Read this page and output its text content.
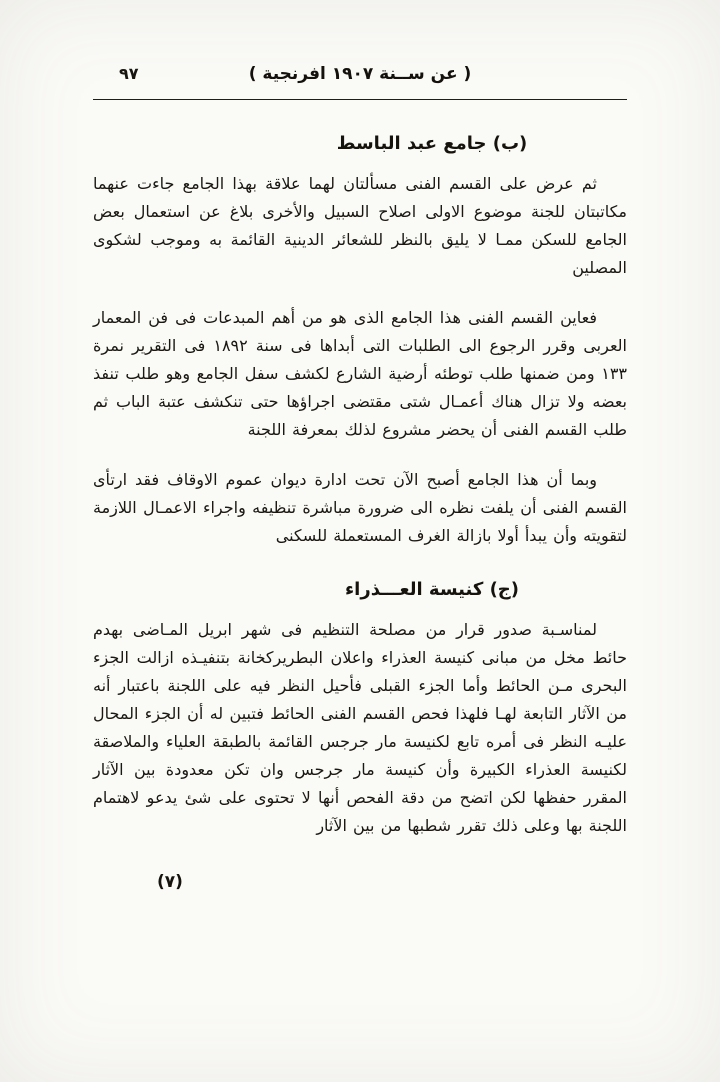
٩٧	( عن ســنة ١٩٠٧ افرنجية )
(ب) جامع عبد الباسط

ثم عرض على القسم الفنى مسألتان لهما علاقة بهذا الجامع جاءت عنهما مكاتبتان للجنة موضوع الاولى اصلاح السبيل والأخرى بلاغ عن استعمال بعض الجامع للسكن ممـا لا يليق بالنظر للشعائر الدينية القائمة به وموجب لشكوى المصلين

فعاين القسم الفنى هذا الجامع الذى هو من أهم المبدعات فى فن المعمار العربى وقرر الرجوع الى الطلبات التى أبداها فى سنة ١٨٩٢ فى التقرير نمرة ١٣٣ ومن ضمنها طلب توطئه أرضية الشارع لكشف سفل الجامع وهو طلب تنفذ بعضه ولا تزال هناك أعمـال شتى مقتضى اجراؤها حتى تنكشف عتبة الباب ثم طلب القسم الفنى أن يحضر مشروع لذلك بمعرفة اللجنة

وبما أن هذا الجامع أصبح الآن تحت ادارة ديوان عموم الاوقاف فقد ارتأى القسم الفنى أن يلفت نظره الى ضرورة مباشرة تنظيفه واجراء الاعمـال اللازمة لتقويته وأن يبدأ أولا بازالة الغرف المستعملة للسكنى

(ج) كنيسة العـــذراء

لمناسـبة صدور قرار من مصلحة التنظيم فى شهر ابريل المـاضى بهدم حائط مخل من مبانى كنيسة العذراء واعلان البطريركخانة بتنفيـذه ازالت الجزء البحرى مـن الحائط وأما الجزء القبلى فأحيل النظر فيه على اللجنة باعتبار أنه من الآثار التابعة لهـا فلهذا فحص القسم الفنى الحائط فتبين له أن الجزء المحال عليـه النظر فى أمره تابع لكنيسة مار جرجس القائمة بالطبقة العلياء والملاصقة لكنيسة العذراء الكبيرة وأن كنيسة مار جرجس وان تكن معدودة بين الآثار المقرر حفظها لكن اتضح من دقة الفحص أنها لا تحتوى على شئ يدعو لاهتمام اللجنة بها وعلى ذلك تقرر شطبها من بين الآثار

(٧)
